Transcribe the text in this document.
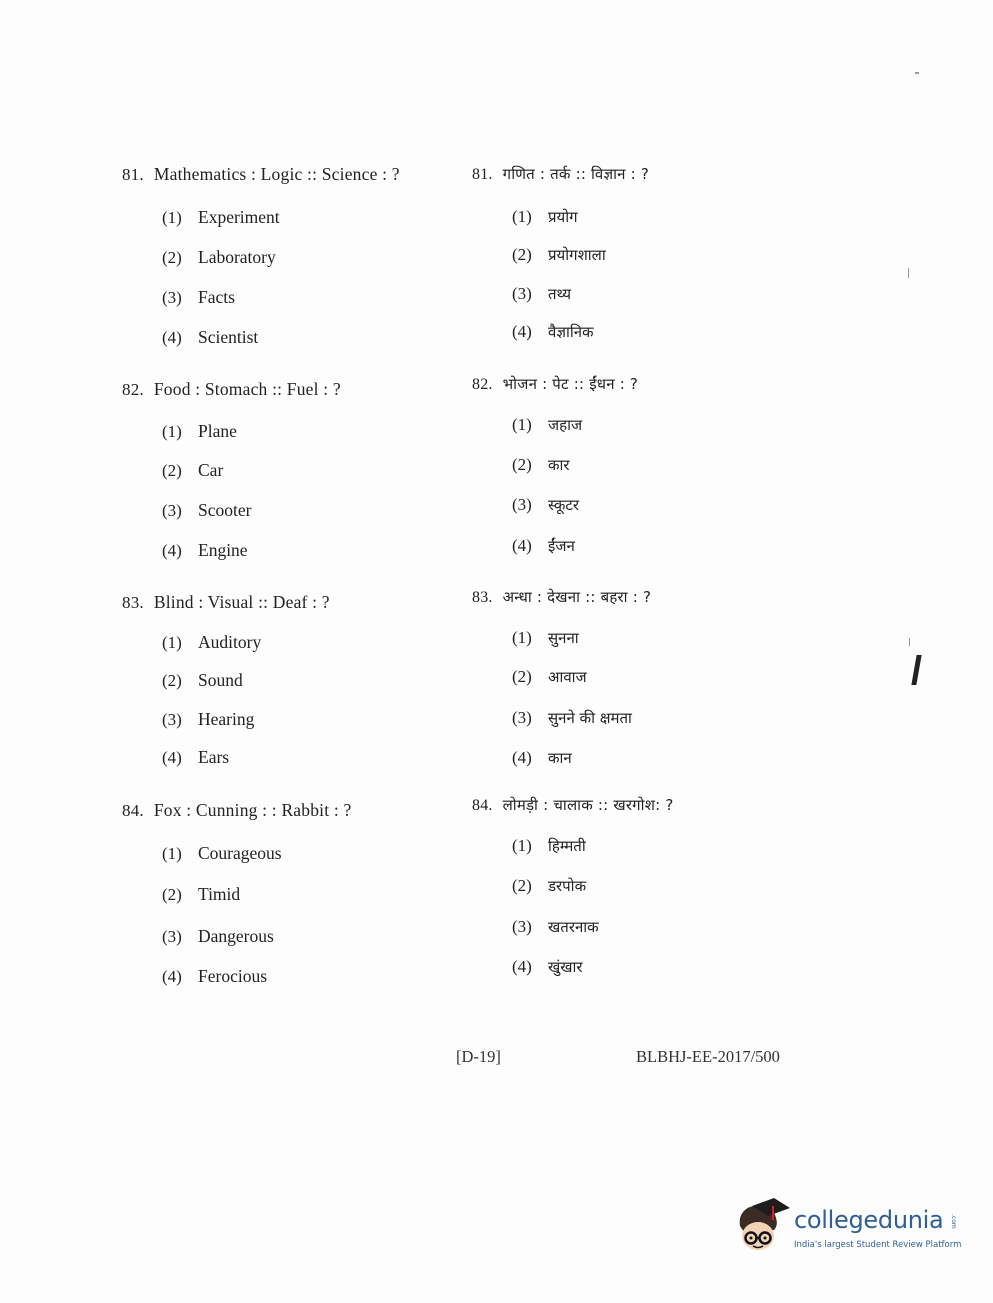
81. Mathematics : Logic :: Science : ?
(1) Experiment
(2) Laboratory
(3) Facts
(4) Scientist
82. Food : Stomach :: Fuel : ?
(1) Plane
(2) Car
(3) Scooter
(4) Engine
83. Blind : Visual :: Deaf : ?
(1) Auditory
(2) Sound
(3) Hearing
(4) Ears
84. Fox : Cunning : : Rabbit : ?
(1) Courageous
(2) Timid
(3) Dangerous
(4) Ferocious
81. गणित : तर्क :: विज्ञान : ?
(1) प्रयोग
(2) प्रयोगशाला
(3) तथ्य
(4) वैज्ञानिक
82. भोजन : पेट :: ईंधन : ?
(1) जहाज
(2) कार
(3) स्कूटर
(4) ईंजन
83. अन्धा : देखना :: बहरा : ?
(1) सुनना
(2) आवाज
(3) सुनने की क्षमता
(4) कान
84. लोमड़ी : चालाक :: खरगोश: ?
(1) हिम्मती
(2) डरपोक
(3) खतरनाक
(4) खुंखार
[D-19]	BLBHJ-EE-2017/500
collegedunia .com
India's largest Student Review Platform
